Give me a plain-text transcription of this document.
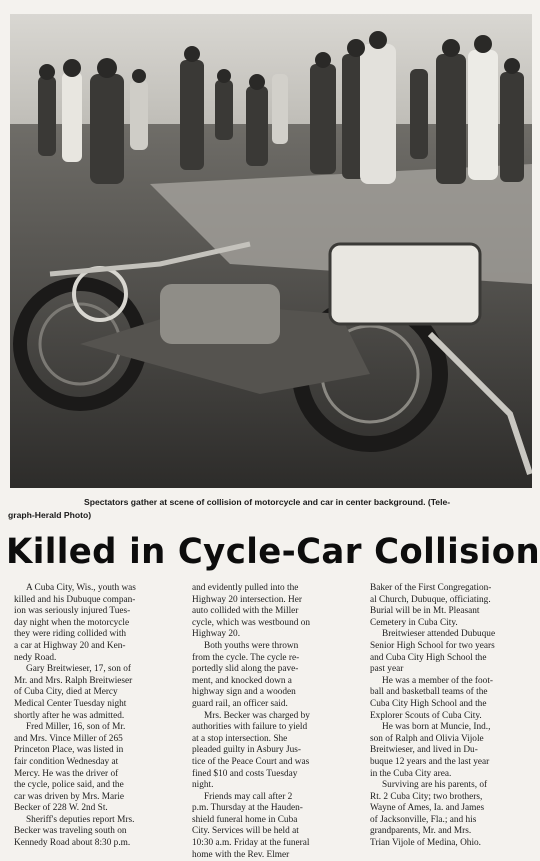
Spectators gather at scene of collision of motorcycle and car in center background. (Tele-
graph-Herald Photo)
Killed in Cycle-Car Collision
A Cuba City, Wis., youth was
killed and his Dubuque compan-
ion was seriously injured Tues-
day night when the motorcycle
they were riding collided with
a car at Highway 20 and Ken-
nedy Road.
Gary Breitwieser, 17, son of
Mr. and Mrs. Ralph Breitwieser
of Cuba City, died at Mercy
Medical Center Tuesday night
shortly after he was admitted.
Fred Miller, 16, son of Mr.
and Mrs. Vince Miller of 265
Princeton Place, was listed in
fair condition Wednesday at
Mercy. He was the driver of
the cycle, police said, and the
car was driven by Mrs. Marie
Becker of 228 W. 2nd St.
Sheriff's deputies report Mrs.
Becker was traveling south on
Kennedy Road about 8:30 p.m.
and evidently pulled into the
Highway 20 intersection. Her
auto collided with the Miller
cycle, which was westbound on
Highway 20.
Both youths were thrown
from the cycle. The cycle re-
portedly slid along the pave-
ment, and knocked down a
highway sign and a wooden
guard rail, an officer said.
Mrs. Becker was charged by
authorities with failure to yield
at a stop intersection. She
pleaded guilty in Asbury Jus-
tice of the Peace Court and was
fined $10 and costs Tuesday
night.
Friends may call after 2
p.m. Thursday at the Hauden-
shield funeral home in Cuba
City. Services will be held at
10:30 a.m. Friday at the funeral
home with the Rev. Elmer
Baker of the First Congregation-
al Church, Dubuque, officiating.
Burial will be in Mt. Pleasant
Cemetery in Cuba City.
Breitwieser attended Dubuque
Senior High School for two years
and Cuba City High School the
past year
He was a member of the foot-
ball and basketball teams of the
Cuba City High School and the
Explorer Scouts of Cuba City.
He was born at Muncie, Ind.,
son of Ralph and Olivia Vijole
Breitwieser, and lived in Du-
buque 12 years and the last year
in the Cuba City area.
Surviving are his parents, of
Rt. 2 Cuba City; two brothers,
Wayne of Ames, Ia. and James
of Jacksonville, Fla.; and his
grandparents, Mr. and Mrs.
Trian Vijole of Medina, Ohio.
